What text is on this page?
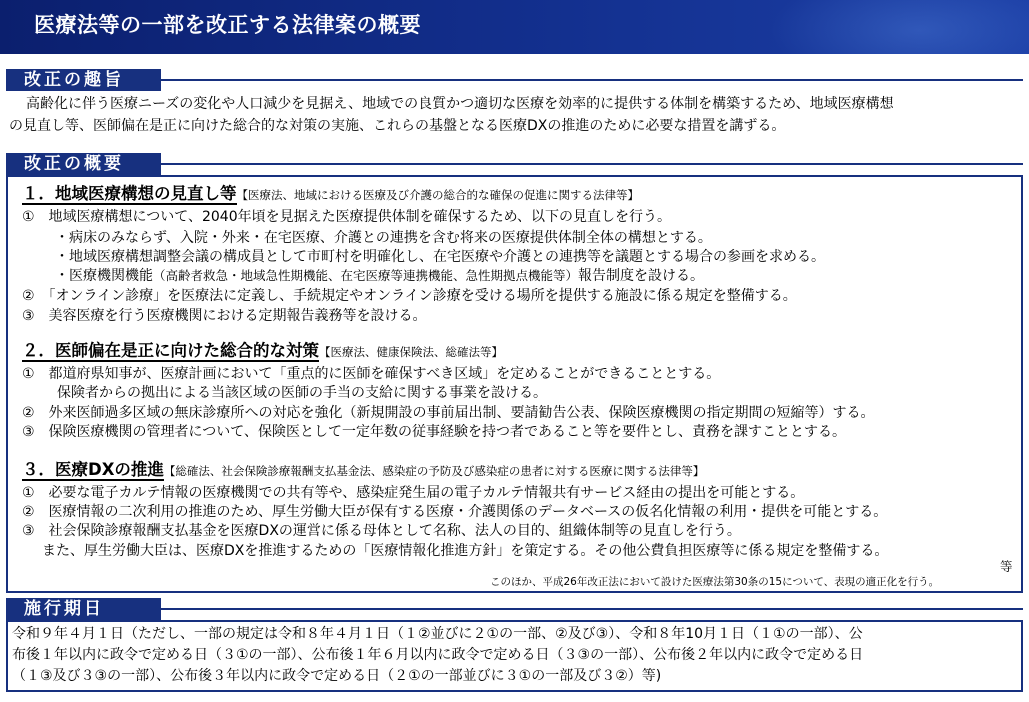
医療法等の一部を改正する法律案の概要
改正の趣旨
高齢化に伴う医療ニーズの変化や人口減少を見据え、地域での良質かつ適切な医療を効率的に提供する体制を構築するため、地域医療構想
の見直し等、医師偏在是正に向けた総合的な対策の実施、これらの基盤となる医療DXの推進のために必要な措置を講ずる。
改正の概要
１．地域医療構想の見直し等【医療法、地域における医療及び介護の総合的な確保の促進に関する法律等】
①　地域医療構想について、2040年頃を見据えた医療提供体制を確保するため、以下の見直しを行う。
・病床のみならず、入院・外来・在宅医療、介護との連携を含む将来の医療提供体制全体の構想とする。
・地域医療構想調整会議の構成員として市町村を明確化し、在宅医療や介護との連携等を議題とする場合の参画を求める。
・医療機関機能（高齢者救急・地域急性期機能、在宅医療等連携機能、急性期拠点機能等）報告制度を設ける。
②　「オンライン診療」を医療法に定義し、手続規定やオンライン診療を受ける場所を提供する施設に係る規定を整備する。
③　美容医療を行う医療機関における定期報告義務等を設ける。
２．医師偏在是正に向けた総合的な対策【医療法、健康保険法、総確法等】
①　都道府県知事が、医療計画において「重点的に医師を確保すべき区域」を定めることができることとする。
保険者からの拠出による当該区域の医師の手当の支給に関する事業を設ける。
②　外来医師過多区域の無床診療所への対応を強化（新規開設の事前届出制、要請勧告公表、保険医療機関の指定期間の短縮等）する。
③　保険医療機関の管理者について、保険医として一定年数の従事経験を持つ者であること等を要件とし、責務を課すこととする。
３．医療DXの推進【総確法、社会保険診療報酬支払基金法、感染症の予防及び感染症の患者に対する医療に関する法律等】
①　必要な電子カルテ情報の医療機関での共有等や、感染症発生届の電子カルテ情報共有サービス経由の提出を可能とする。
②　医療情報の二次利用の推進のため、厚生労働大臣が保有する医療・介護関係のデータベースの仮名化情報の利用・提供を可能とする。
③　社会保険診療報酬支払基金を医療DXの運営に係る母体として名称、法人の目的、組織体制等の見直しを行う。
また、厚生労働大臣は、医療DXを推進するための「医療情報化推進方針」を策定する。その他公費負担医療等に係る規定を整備する。
等
このほか、平成26年改正法において設けた医療法第30条の15について、表現の適正化を行う。
施行期日
令和９年４月１日（ただし、一部の規定は令和８年４月１日（１②並びに２①の一部、②及び③）、令和８年10月１日（１①の一部）、公
布後１年以内に政令で定める日（３①の一部）、公布後１年６月以内に政令で定める日（３③の一部）、公布後２年以内に政令で定める日
（１③及び３③の一部）、公布後３年以内に政令で定める日（２①の一部並びに３①の一部及び３②）等)
